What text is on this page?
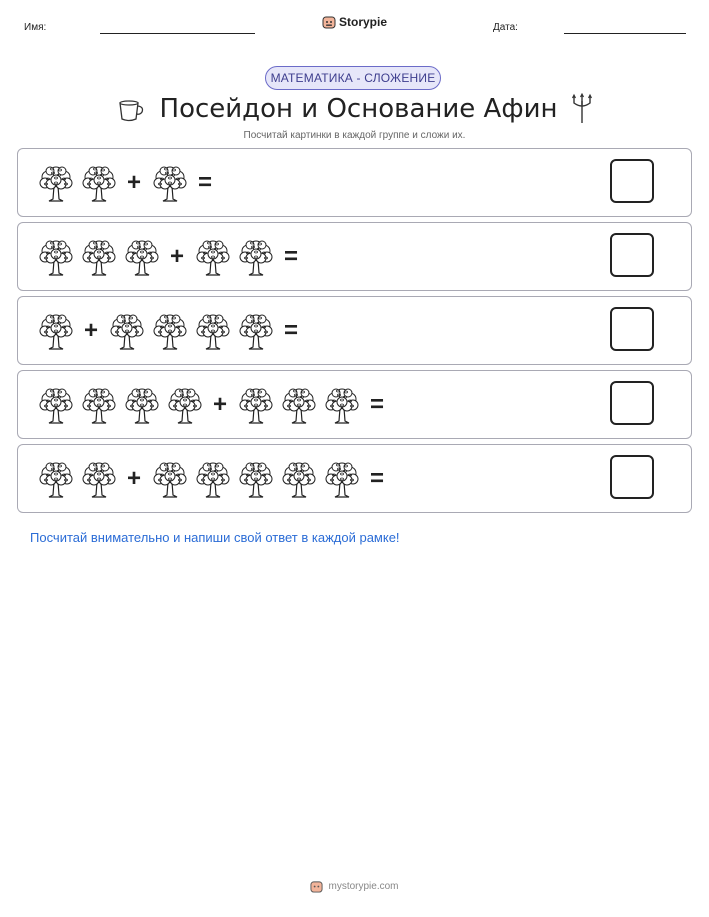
Имя:	Storypie	Дата:
МАТЕМАТИКА - СЛОЖЕНИЕ
Посейдон и Основание Афин
Посчитай картинки в каждой группе и сложи их.
+ =
+	=
+	=
+	=
+	=
Посчитай внимательно и напиши свой ответ в каждой рамке!
mystorypie.com
